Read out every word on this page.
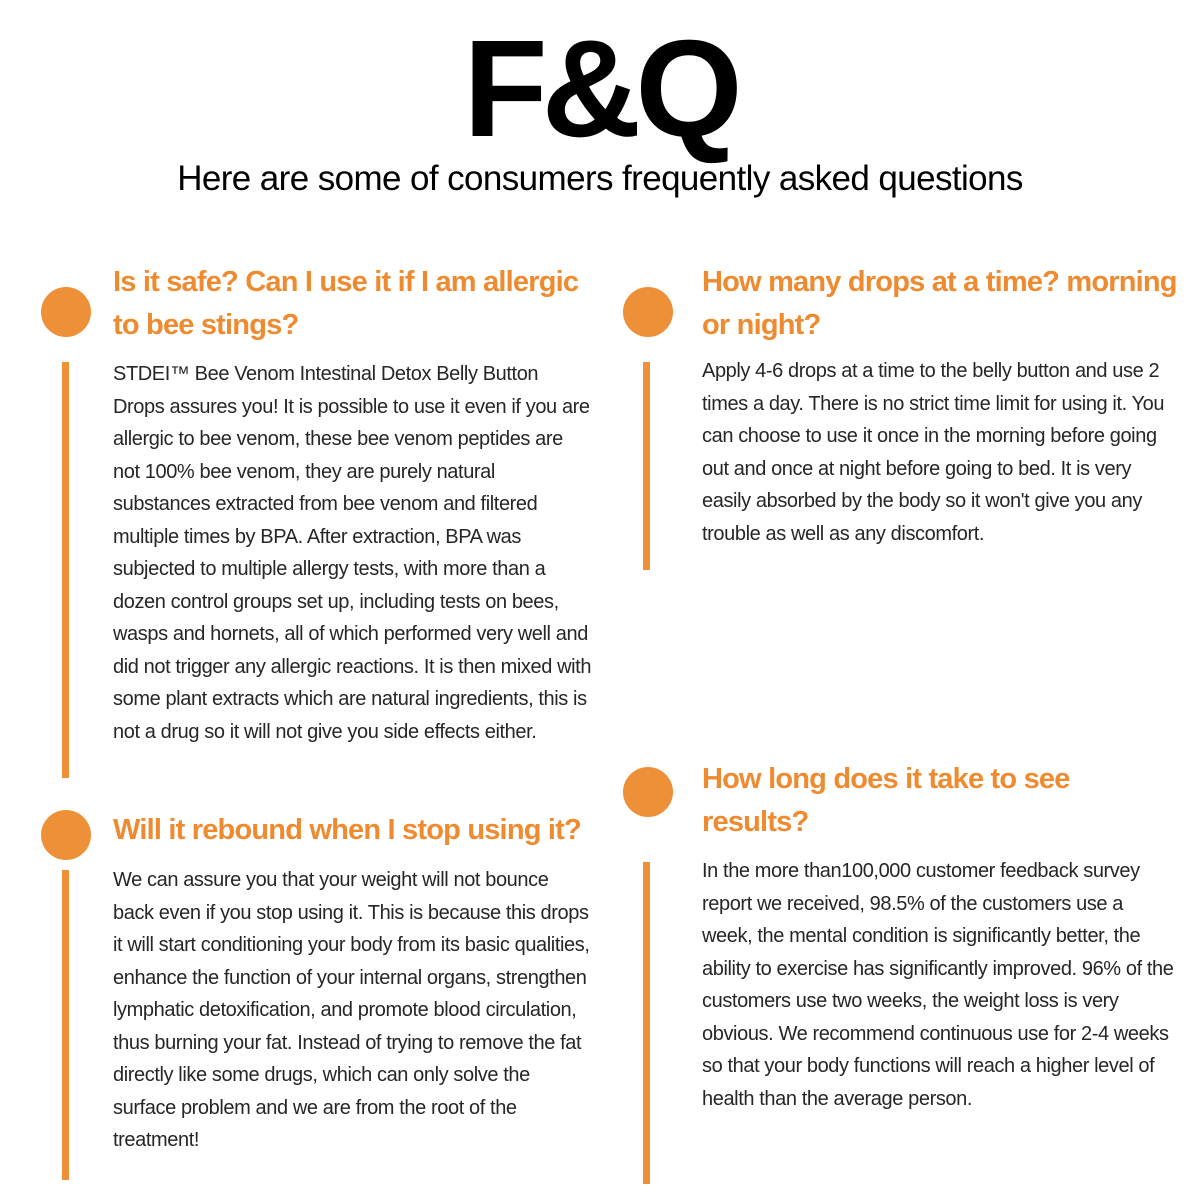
F&Q
Here are some of consumers frequently asked questions
Is it safe? Can I use it if I am allergic to bee stings?

STDEI™ Bee Venom Intestinal Detox Belly Button Drops assures you! It is possible to use it even if you are allergic to bee venom, these bee venom peptides are not 100% bee venom, they are purely natural substances extracted from bee venom and filtered multiple times by BPA. After extraction, BPA was subjected to multiple allergy tests, with more than a dozen control groups set up, including tests on bees, wasps and hornets, all of which performed very well and did not trigger any allergic reactions. It is then mixed with some plant extracts which are natural ingredients, this is not a drug so it will not give you side effects either.

Will it rebound when I stop using it?

We can assure you that your weight will not bounce back even if you stop using it. This is because this drops it will start conditioning your body from its basic qualities, enhance the function of your internal organs, strengthen lymphatic detoxification, and promote blood circulation, thus burning your fat. Instead of trying to remove the fat directly like some drugs, which can only solve the surface problem and we are from the root of the treatment!

How many drops at a time? morning or night?

Apply 4-6 drops at a time to the belly button and use 2 times a day. There is no strict time limit for using it. You can choose to use it once in the morning before going out and once at night before going to bed. It is very easily absorbed by the body so it won't give you any trouble as well as any discomfort.

How long does it take to see results?

In the more than100,000 customer feedback survey report we received, 98.5% of the customers use a week, the mental condition is significantly better, the ability to exercise has significantly improved. 96% of the customers use two weeks, the weight loss is very obvious. We recommend continuous use for 2-4 weeks so that your body functions will reach a higher level of health than the average person.
